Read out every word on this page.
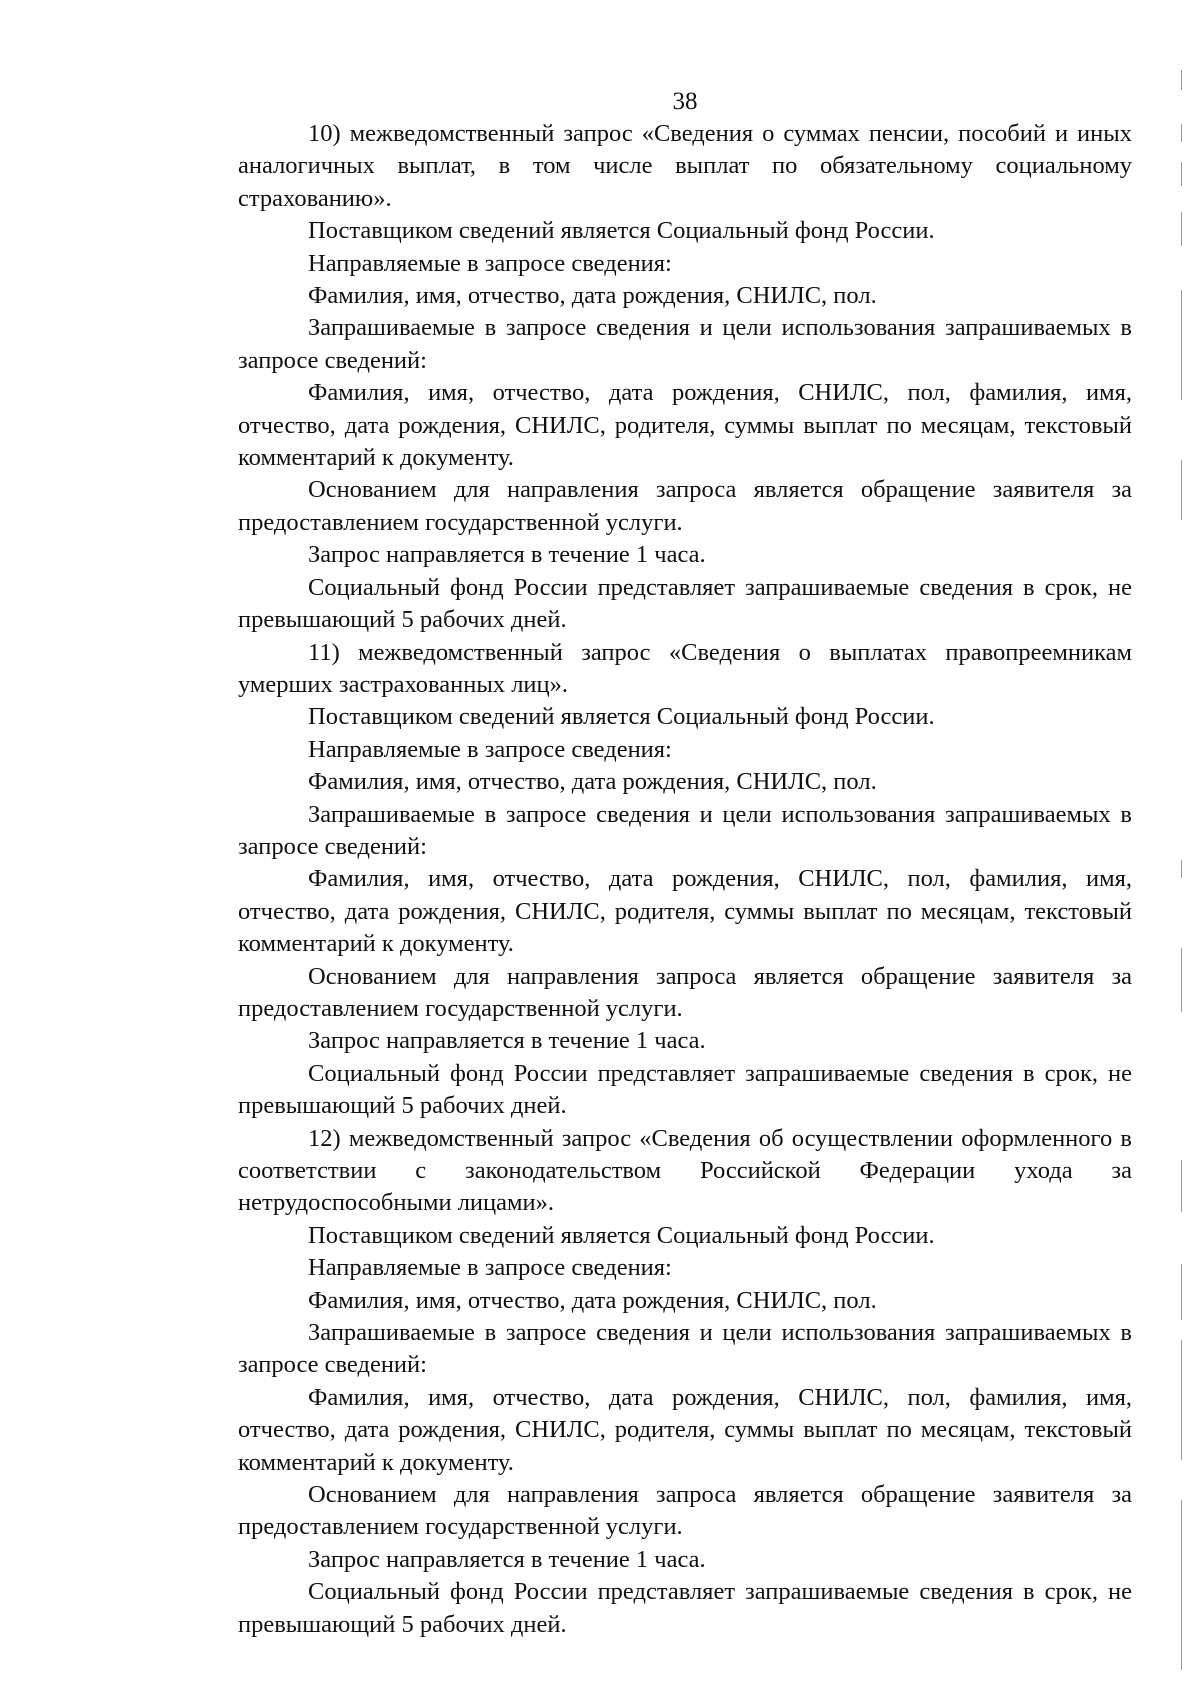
38

10) межведомственный запрос «Сведения о суммах пенсии, пособий и иных аналогичных выплат, в том числе выплат по обязательному социальному страхованию».

Поставщиком сведений является Социальный фонд России.

Направляемые в запросе сведения:

Фамилия, имя, отчество, дата рождения, СНИЛС, пол.

Запрашиваемые в запросе сведения и цели использования запрашиваемых в запросе сведений:

Фамилия, имя, отчество, дата рождения, СНИЛС, пол, фамилия, имя, отчество, дата рождения, СНИЛС, родителя, суммы выплат по месяцам, текстовый комментарий к документу.

Основанием для направления запроса является обращение заявителя за предоставлением государственной услуги.

Запрос направляется в течение 1 часа.

Социальный фонд России представляет запрашиваемые сведения в срок, не превышающий 5 рабочих дней.

11) межведомственный запрос «Сведения о выплатах правопреемникам умерших застрахованных лиц».

Поставщиком сведений является Социальный фонд России.

Направляемые в запросе сведения:

Фамилия, имя, отчество, дата рождения, СНИЛС, пол.

Запрашиваемые в запросе сведения и цели использования запрашиваемых в запросе сведений:

Фамилия, имя, отчество, дата рождения, СНИЛС, пол, фамилия, имя, отчество, дата рождения, СНИЛС, родителя, суммы выплат по месяцам, текстовый комментарий к документу.

Основанием для направления запроса является обращение заявителя за предоставлением государственной услуги.

Запрос направляется в течение 1 часа.

Социальный фонд России представляет запрашиваемые сведения в срок, не превышающий 5 рабочих дней.

12) межведомственный запрос «Сведения об осуществлении оформленного в соответствии с законодательством Российской Федерации ухода за нетрудоспособными лицами».

Поставщиком сведений является Социальный фонд России.

Направляемые в запросе сведения:

Фамилия, имя, отчество, дата рождения, СНИЛС, пол.

Запрашиваемые в запросе сведения и цели использования запрашиваемых в запросе сведений:

Фамилия, имя, отчество, дата рождения, СНИЛС, пол, фамилия, имя, отчество, дата рождения, СНИЛС, родителя, суммы выплат по месяцам, текстовый комментарий к документу.

Основанием для направления запроса является обращение заявителя за предоставлением государственной услуги.

Запрос направляется в течение 1 часа.

Социальный фонд России представляет запрашиваемые сведения в срок, не превышающий 5 рабочих дней.
